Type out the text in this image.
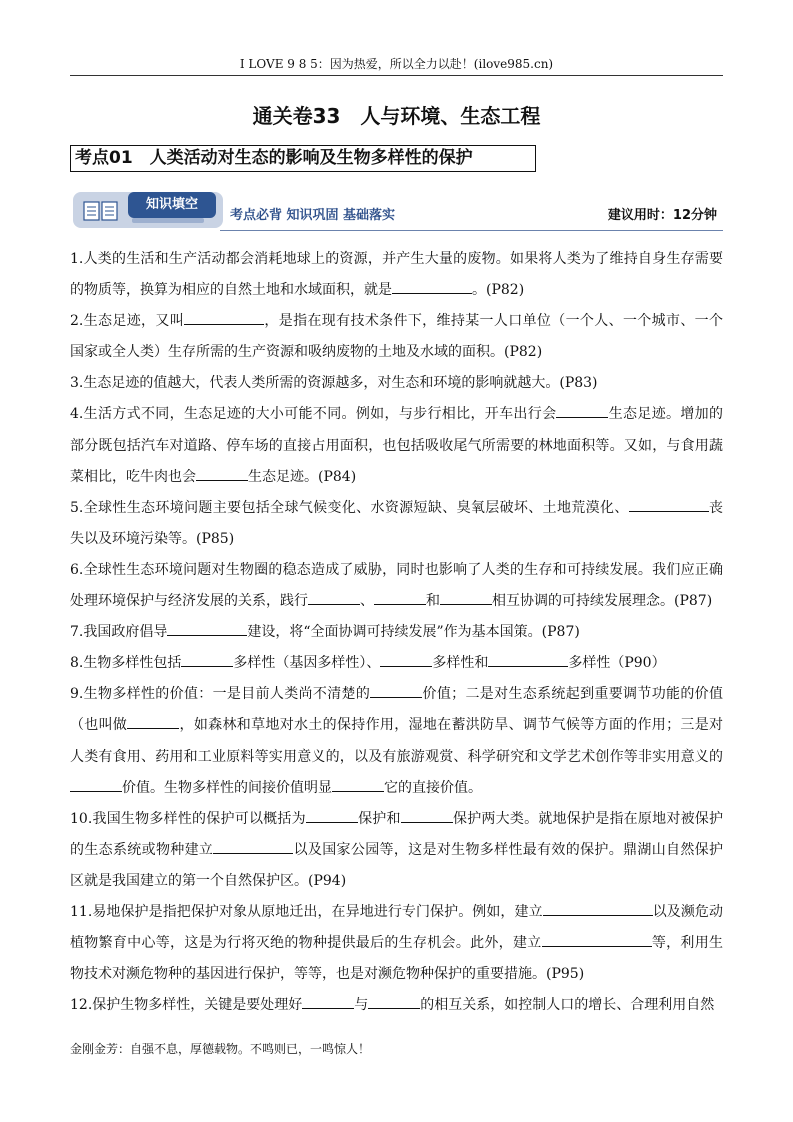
I LOVE 9 8 5：因为热爱，所以全力以赴！(ilove985.cn)
通关卷33　人与环境、生态工程
考点01　人类活动对生态的影响及生物多样性的保护
知识填空
考点必背 知识巩固 基础落实	建议用时：12分钟

1.人类的生活和生产活动都会消耗地球上的资源，并产生大量的废物。如果将人类为了维持自身生存需要的物质等，换算为相应的自然土地和水域面积，就是	。(P82)

2.生态足迹，又叫	，是指在现有技术条件下，维持某一人口单位（一个人、一个城市、一个国家或全人类）生存所需的生产资源和吸纳废物的土地及水域的面积。(P82)

3.生态足迹的值越大，代表人类所需的资源越多，对生态和环境的影响就越大。(P83)

4.生活方式不同，生态足迹的大小可能不同。例如，与步行相比，开车出行会	生态足迹。增加的部分既包括汽车对道路、停车场的直接占用面积，也包括吸收尾气所需要的林地面积等。又如，与食用蔬菜相比，吃牛肉也会	生态足迹。(P84)

5.全球性生态环境问题主要包括全球气候变化、水资源短缺、臭氧层破坏、土地荒漠化、	丧失以及环境污染等。(P85)

6.全球性生态环境问题对生物圈的稳态造成了威胁，同时也影响了人类的生存和可持续发展。我们应正确处理环境保护与经济发展的关系，践行	、	和	相互协调的可持续发展理念。(P87)

7.我国政府倡导	建设，将“全面协调可持续发展”作为基本国策。(P87)

8.生物多样性包括	多样性（基因多样性）、	多样性和	多样性（P90）

9.生物多样性的价值：一是目前人类尚不清楚的	价值；二是对生态系统起到重要调节功能的价值（也叫做	，如森林和草地对水土的保持作用，湿地在蓄洪防旱、调节气候等方面的作用；三是对人类有食用、药用和工业原料等实用意义的，以及有旅游观赏、科学研究和文学艺术创作等非实用意义的价值。生物多样性的间接价值明显	它的直接价值。

10.我国生物多样性的保护可以概括为	保护和	保护两大类。就地保护是指在原地对被保护的生态系统或物种建立	以及国家公园等，这是对生物多样性最有效的保护。鼎湖山自然保护区就是我国建立的第一个自然保护区。(P94)

11.易地保护是指把保护对象从原地迁出，在异地进行专门保护。例如，建立	以及濒危动植物繁育中心等，这是为行将灭绝的物种提供最后的生存机会。此外，建立	等，利用生物技术对濒危物种的基因进行保护，等等，也是对濒危物种保护的重要措施。(P95)

12.保护生物多样性，关键是要处理好	与	的相互关系，如控制人口的增长、合理利用自然

金刚金芳：自强不息，厚德载物。不鸣则已，一鸣惊人！
